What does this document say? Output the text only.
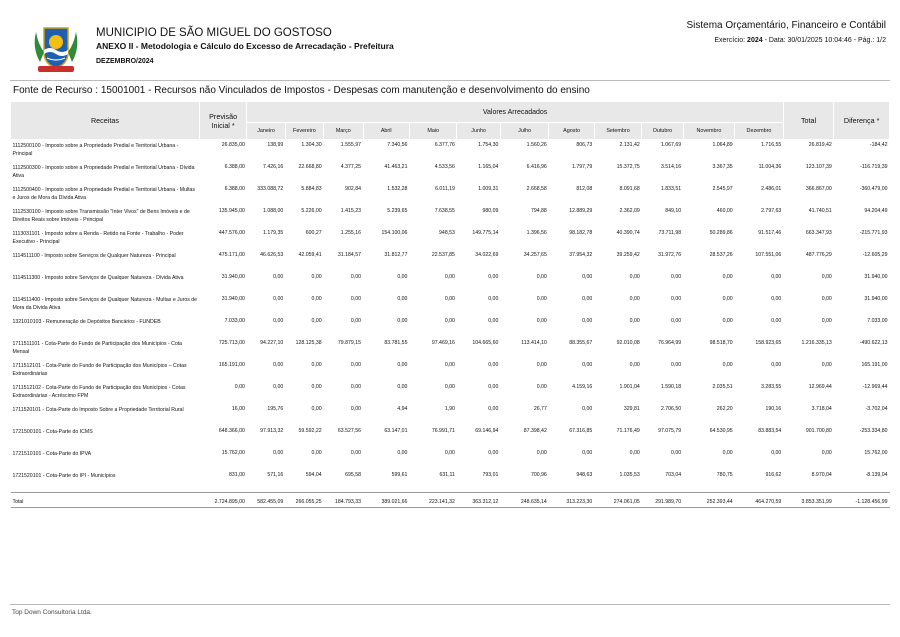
MUNICIPIO DE SÃO MIGUEL DO GOSTOSO
ANEXO II - Metodologia e Cálculo do Excesso de Arrecadação - Prefeitura
DEZEMBRO/2024
Sistema Orçamentário, Financeiro e Contábil
Exercício: 2024 - Data: 30/01/2025 10:04:46 - Pág.: 1/2
Fonte de Recurso : 15001001 - Recursos não Vinculados de Impostos - Despesas com manutenção e desenvolvimento do ensino
Receitas	Previsão Inicial *	Valores Arrecadados												Total	Diferença *
		Janeiro	Fevereiro	Março	Abril	Maio	Junho	Julho	Agosto	Setembro	Outubro	Novembro	Dezembro		
1112500100 - Imposto sobre a Propriedade Predial e Territorial Urbana - Principal	26.835,00	138,99	1.304,30	1.555,97	7.340,56	6.377,76	1.754,30	1.560,26	806,73	2.131,42	1.067,69	1.064,89	1.716,55	26.819,42	-184,42
1112500300 - Imposto sobre a Propriedade Predial e Territorial Urbana - Dívida Ativa	6.388,00	7.426,16	22.668,80	4.377,25	41.463,21	4.533,56	1.165,04	6.416,96	1.797,79	15.372,75	3.514,16	3.367,35	11.004,36	123.107,39	-116.719,39
1112500400 - Imposto sobre a Propriedade Predial e Territorial Urbana - Multas e Juros de Mora da Dívida Ativa	6.388,00	333.088,72	5.884,83	902,84	1.532,28	6.011,19	1.009,31	2.668,58	812,08	8.091,68	1.833,51	2.545,97	2.486,01	366.867,00	-360.479,00
1112530100 - Imposto sobre Transmissão "Inter Vivos" de Bens Imóveis e de Direitos Reais sobre Imóveis - Principal	135.945,00	1.088,00	5.226,00	1.415,23	5.239,65	7.638,55	980,09	794,88	12.889,29	2.362,09	849,10	460,00	2.797,63	41.740,51	94.204,49
1113031101 - Imposto sobre a Renda - Retido na Fonte - Trabalho - Poder Executivo - Principal	447.576,00	1.179,35	600,27	1.255,16	154.100,06	948,53	149.775,14	1.396,56	98.182,78	40.390,74	73.711,98	50.289,86	91.517,46	663.347,93	-215.771,93
1114511100 - Imposto sobre Serviços de Qualquer Natureza - Principal	475.171,00	46.626,53	42.059,41	31.184,57	31.812,77	22.537,85	34.022,69	34.257,65	37.954,32	39.259,42	31.972,76	28.537,26	107.551,06	487.776,29	-12.605,29
1114511300 - Imposto sobre Serviços de Qualquer Natureza - Dívida Ativa	31.940,00	0,00	0,00	0,00	0,00	0,00	0,00	0,00	0,00	0,00	0,00	0,00	0,00	0,00	31.940,00
1114511400 - Imposto sobre Serviços de Qualquer Natureza - Multas e Juros de Mora da Dívida Ativa	31.940,00	0,00	0,00	0,00	0,00	0,00	0,00	0,00	0,00	0,00	0,00	0,00	0,00	0,00	31.940,00
1321010103 - Remuneração de Depósitos Bancários - FUNDEB	7.033,00	0,00	0,00	0,00	0,00	0,00	0,00	0,00	0,00	0,00	0,00	0,00	0,00	0,00	7.033,00
1711511101 - Cota-Parte do Fundo de Participação dos Municípios - Cota Mensal	725.713,00	94.227,10	128.125,38	79.879,15	83.781,55	97.469,16	104.665,60	113.414,10	88.355,67	92.010,08	76.964,99	98.518,70	158.923,65	1.216.335,13	-490.622,13
1711512101 - Cota-Parte do Fundo de Participação dos Municípios – Cotas Extraordinárias	165.191,00	0,00	0,00	0,00	0,00	0,00	0,00	0,00	0,00	0,00	0,00	0,00	0,00	0,00	165.191,00
1711512102 - Cota-Parte do Fundo de Participação dos Municípios - Cotas Extraordinárias - Acréscimo FPM	0,00	0,00	0,00	0,00	0,00	0,00	0,00	0,00	4.159,16	1.901,04	1.590,18	2.035,51	3.283,55	12.969,44	-12.969,44
1711520101 - Cota-Parte do Imposto Sobre a Propriedade Territorial Rural	16,00	195,76	0,00	0,00	4,94	1,90	0,00	26,77	0,00	329,81	2.706,50	262,20	190,16	3.718,04	-3.702,04
1721500101 - Cota-Parte do ICMS	648.366,00	97.913,32	59.592,22	63.527,56	63.147,01	76.991,71	69.146,94	87.398,42	67.316,85	71.176,49	97.075,79	64.530,95	83.883,54	901.700,80	-253.334,80
1721510101 - Cota-Parte do IPVA	15.762,00	0,00	0,00	0,00	0,00	0,00	0,00	0,00	0,00	0,00	0,00	0,00	0,00	0,00	15.762,00
1721520101 - Cota-Parte do IPI - Municípios	831,00	571,16	594,04	695,58	599,61	631,11	793,01	700,96	948,63	1.035,53	703,04	780,75	916,62	8.970,04	-8.139,04
Total	2.724.895,00	582.455,09	266.055,25	184.793,33	389.021,66	223.141,32	363.312,12	248.635,14	313.223,30	274.061,05	291.989,70	252.393,44	464.270,59	3.853.351,99	-1.128.456,99
Top Down Consultoria Ltda.
